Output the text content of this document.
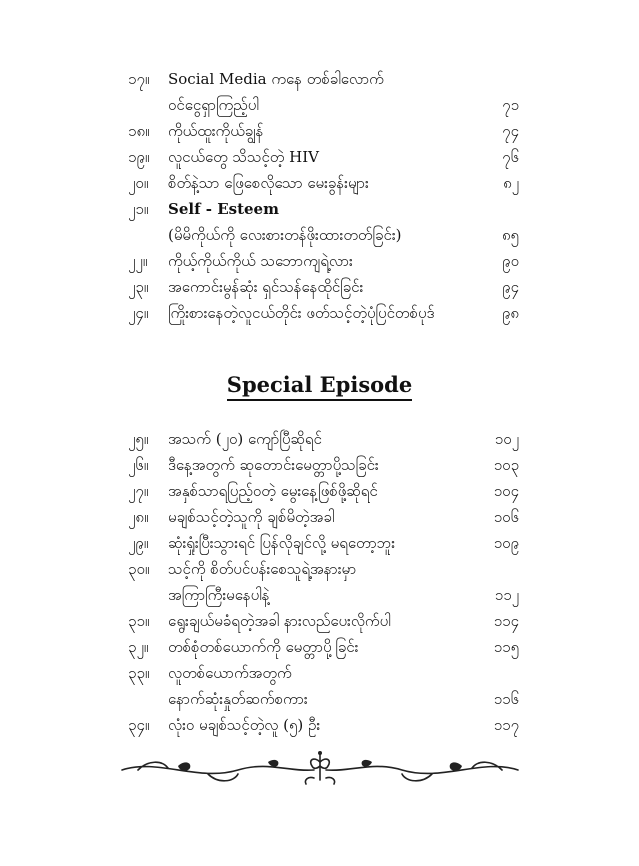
၁၇။	Social Media ကနေ တစ်ခါလောက်
ဝင်ငွေရှာကြည့်ပါ	၇၁
၁၈။	ကိုယ်ထူးကိုယ်ချွန်	၇၄
၁၉။	လူငယ်တွေ သိသင့်တဲ့ HIV	၇၆
၂၀။	စိတ်နဲ့သာ ဖြေစေလိုသော မေးခွန်းများ	၈၂
၂၁။	Self - Esteem
(မိမိကိုယ်ကို လေးစားတန်ဖိုးထားတတ်ခြင်း)	၈၅
၂၂။	ကိုယ့်ကိုယ်ကိုယ် သဘောကျရဲ့လား	၉၀
၂၃။	အကောင်းမွန်ဆုံး ရှင်သန်နေထိုင်ခြင်း	၉၄
၂၄။	ကြိုးစားနေတဲ့လူငယ်တိုင်း ဖတ်သင့်တဲ့ပုံပြင်တစ်ပုဒ်	၉၈
Special Episode
၂၅။	အသက် (၂၀) ကျော်ပြီဆိုရင်	၁၀၂
၂၆။	ဒီနေ့အတွက် ဆုတောင်းမေတ္တာပို့သခြင်း	၁၀၃
၂၇။	အနှစ်သာရပြည့်ဝတဲ့ မွေးနေ့ဖြစ်ဖို့ဆိုရင်	၁၀၄
၂၈။	မချစ်သင့်တဲ့သူကို ချစ်မိတဲ့အခါ	၁၀၆
၂၉။	ဆုံးရှုံးပြီးသွားရင် ပြန်လိုချင်လို့ မရတော့ဘူး	၁၀၉
၃၀။	သင့်ကို စိတ်ပင်ပန်းစေသူရဲ့အနားမှာ
အကြာကြီးမနေပါနဲ့	၁၁၂
၃၁။	ရွေးချယ်မခံရတဲ့အခါ နားလည်ပေးလိုက်ပါ	၁၁၄
၃၂။	တစ်စုံတစ်ယောက်ကို မေတ္တာပို့ခြင်း	၁၁၅
၃၃။	လူတစ်ယောက်အတွက်
နောက်ဆုံးနှုတ်ဆက်စကား	၁၁၆
၃၄။	လုံးဝ မချစ်သင့်တဲ့လူ (၅) ဦး	၁၁၇
